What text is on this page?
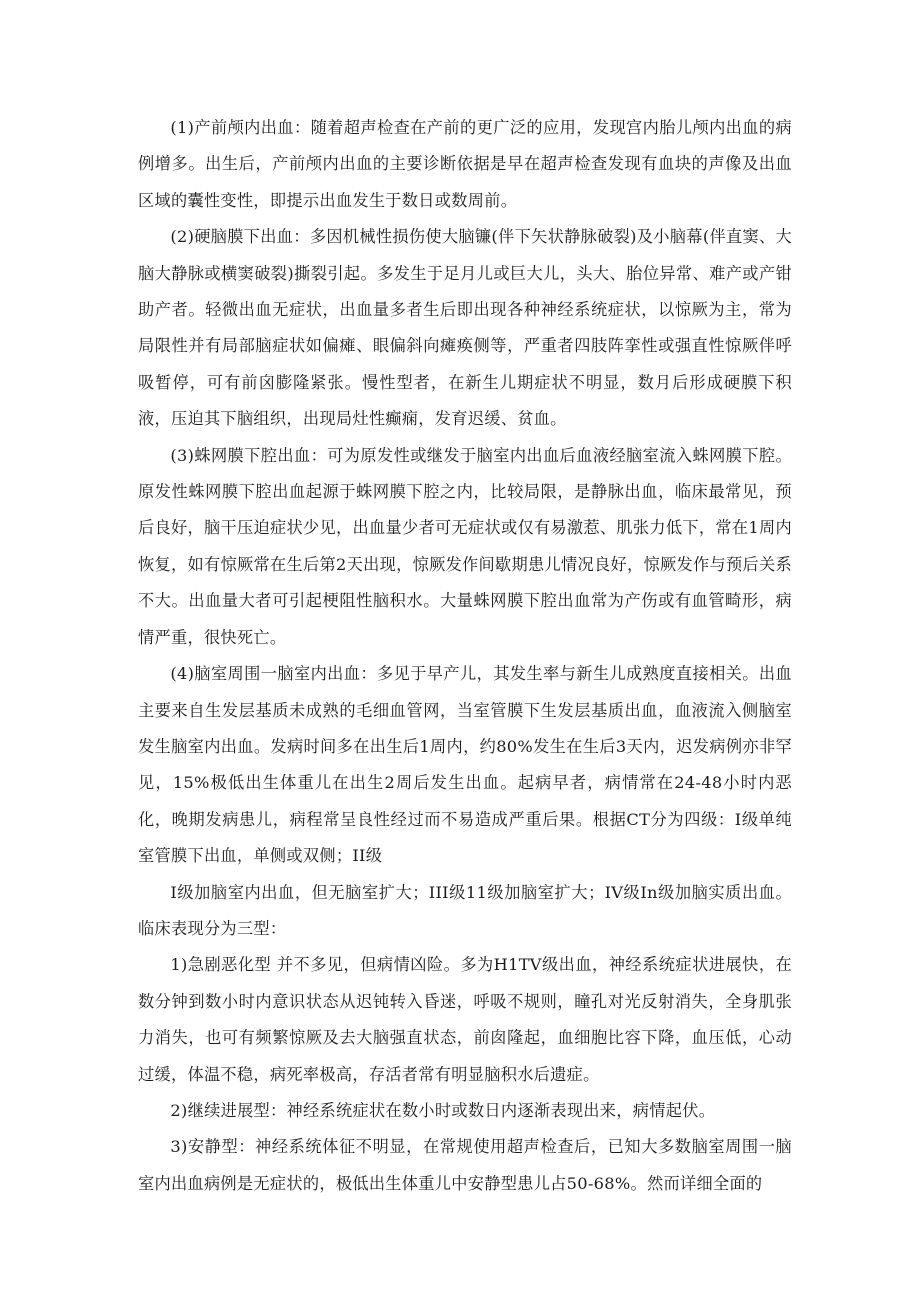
(1)产前颅内出血：随着超声检查在产前的更广泛的应用，发现宫内胎儿颅内出血的病例增多。出生后，产前颅内出血的主要诊断依据是早在超声检查发现有血块的声像及出血区域的囊性变性，即提示出血发生于数日或数周前。

(2)硬脑膜下出血：多因机械性损伤使大脑镰(伴下矢状静脉破裂)及小脑幕(伴直窦、大脑大静脉或横窦破裂)撕裂引起。多发生于足月儿或巨大儿，头大、胎位异常、难产或产钳助产者。轻微出血无症状，出血量多者生后即出现各种神经系统症状，以惊厥为主，常为局限性并有局部脑症状如偏瘫、眼偏斜向瘫痪侧等，严重者四肢阵挛性或强直性惊厥伴呼吸暂停，可有前囟膨隆紧张。慢性型者，在新生儿期症状不明显，数月后形成硬膜下积液，压迫其下脑组织，出现局灶性癫痫，发育迟缓、贫血。

(3)蛛网膜下腔出血：可为原发性或继发于脑室内出血后血液经脑室流入蛛网膜下腔。原发性蛛网膜下腔出血起源于蛛网膜下腔之内，比较局限，是静脉出血，临床最常见，预后良好，脑干压迫症状少见，出血量少者可无症状或仅有易激惹、肌张力低下，常在1周内恢复，如有惊厥常在生后第2天出现，惊厥发作间歇期患儿情况良好，惊厥发作与预后关系不大。出血量大者可引起梗阻性脑积水。大量蛛网膜下腔出血常为产伤或有血管畸形，病情严重，很快死亡。

(4)脑室周围一脑室内出血：多见于早产儿，其发生率与新生儿成熟度直接相关。出血主要来自生发层基质未成熟的毛细血管网，当室管膜下生发层基质出血，血液流入侧脑室发生脑室内出血。发病时间多在出生后1周内，约80%发生在生后3天内，迟发病例亦非罕见，15%极低出生体重儿在出生2周后发生出血。起病早者，病情常在24-48小时内恶化，晚期发病患儿，病程常呈良性经过而不易造成严重后果。根据CT分为四级：I级单纯室管膜下出血，单侧或双侧；II级

I级加脑室内出血，但无脑室扩大；III级11级加脑室扩大；IV级In级加脑实质出血。临床表现分为三型：

1)急剧恶化型 并不多见，但病情凶险。多为H1TV级出血，神经系统症状进展快，在数分钟到数小时内意识状态从迟钝转入昏迷，呼吸不规则，瞳孔对光反射消失，全身肌张力消失，也可有频繁惊厥及去大脑强直状态，前囱隆起，血细胞比容下降，血压低，心动过缓，体温不稳，病死率极高，存活者常有明显脑积水后遗症。

2)继续进展型：神经系统症状在数小时或数日内逐渐表现出来，病情起伏。

3)安静型：神经系统体征不明显，在常规使用超声检查后，已知大多数脑室周围一脑室内出血病例是无症状的，极低出生体重儿中安静型患儿占50-68%。然而详细全面的
